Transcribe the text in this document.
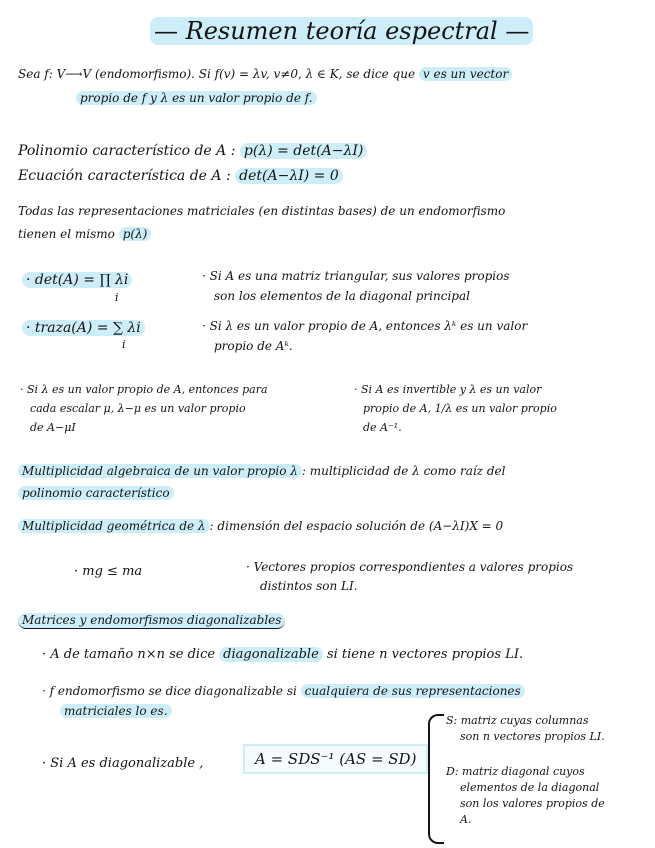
— Resumen teoría espectral —
Sea f: V⟶V (endomorfismo). Si f(v) = λv, v≠0, λ ∈ K, se dice que v es un vector
propio de f y λ es un valor propio de f.
Polinomio característico de A : p(λ) = det(A−λI)
Ecuación característica de A : det(A−λI) = 0
Todas las representaciones matriciales (en distintas bases) de un endomorfismo
tienen el mismo p(λ)
· det(A) = ∏ λi
i
· traza(A) = ∑ λi
i
· Si A es una matriz triangular, sus valores propios
son los elementos de la diagonal principal
· Si λ es un valor propio de A, entonces λᵏ es un valor
propio de Aᵏ.
· Si λ es un valor propio de A, entonces para
cada escalar μ, λ−μ es un valor propio
de A−μI
· Si A es invertible y λ es un valor
propio de A, 1/λ es un valor propio
de A⁻¹.
Multiplicidad algebraica de un valor propio λ : multiplicidad de λ como raíz del
polinomio característico
Multiplicidad geométrica de λ : dimensión del espacio solución de (A−λI)X = 0
· mg ≤ ma	· Vectores propios correspondientes a valores propios
distintos son LI.
Matrices y endomorfismos diagonalizables
· A de tamaño n×n se dice diagonalizable si tiene n vectores propios LI.
· f endomorfismo se dice diagonalizable si cualquiera de sus representaciones
matriciales lo es.
· Si A es diagonalizable ,	A = SDS⁻¹ (AS = SD)
S: matriz cuyas columnas
son n vectores propios LI.
D: matriz diagonal cuyos
elementos de la diagonal
son los valores propios de
A.
